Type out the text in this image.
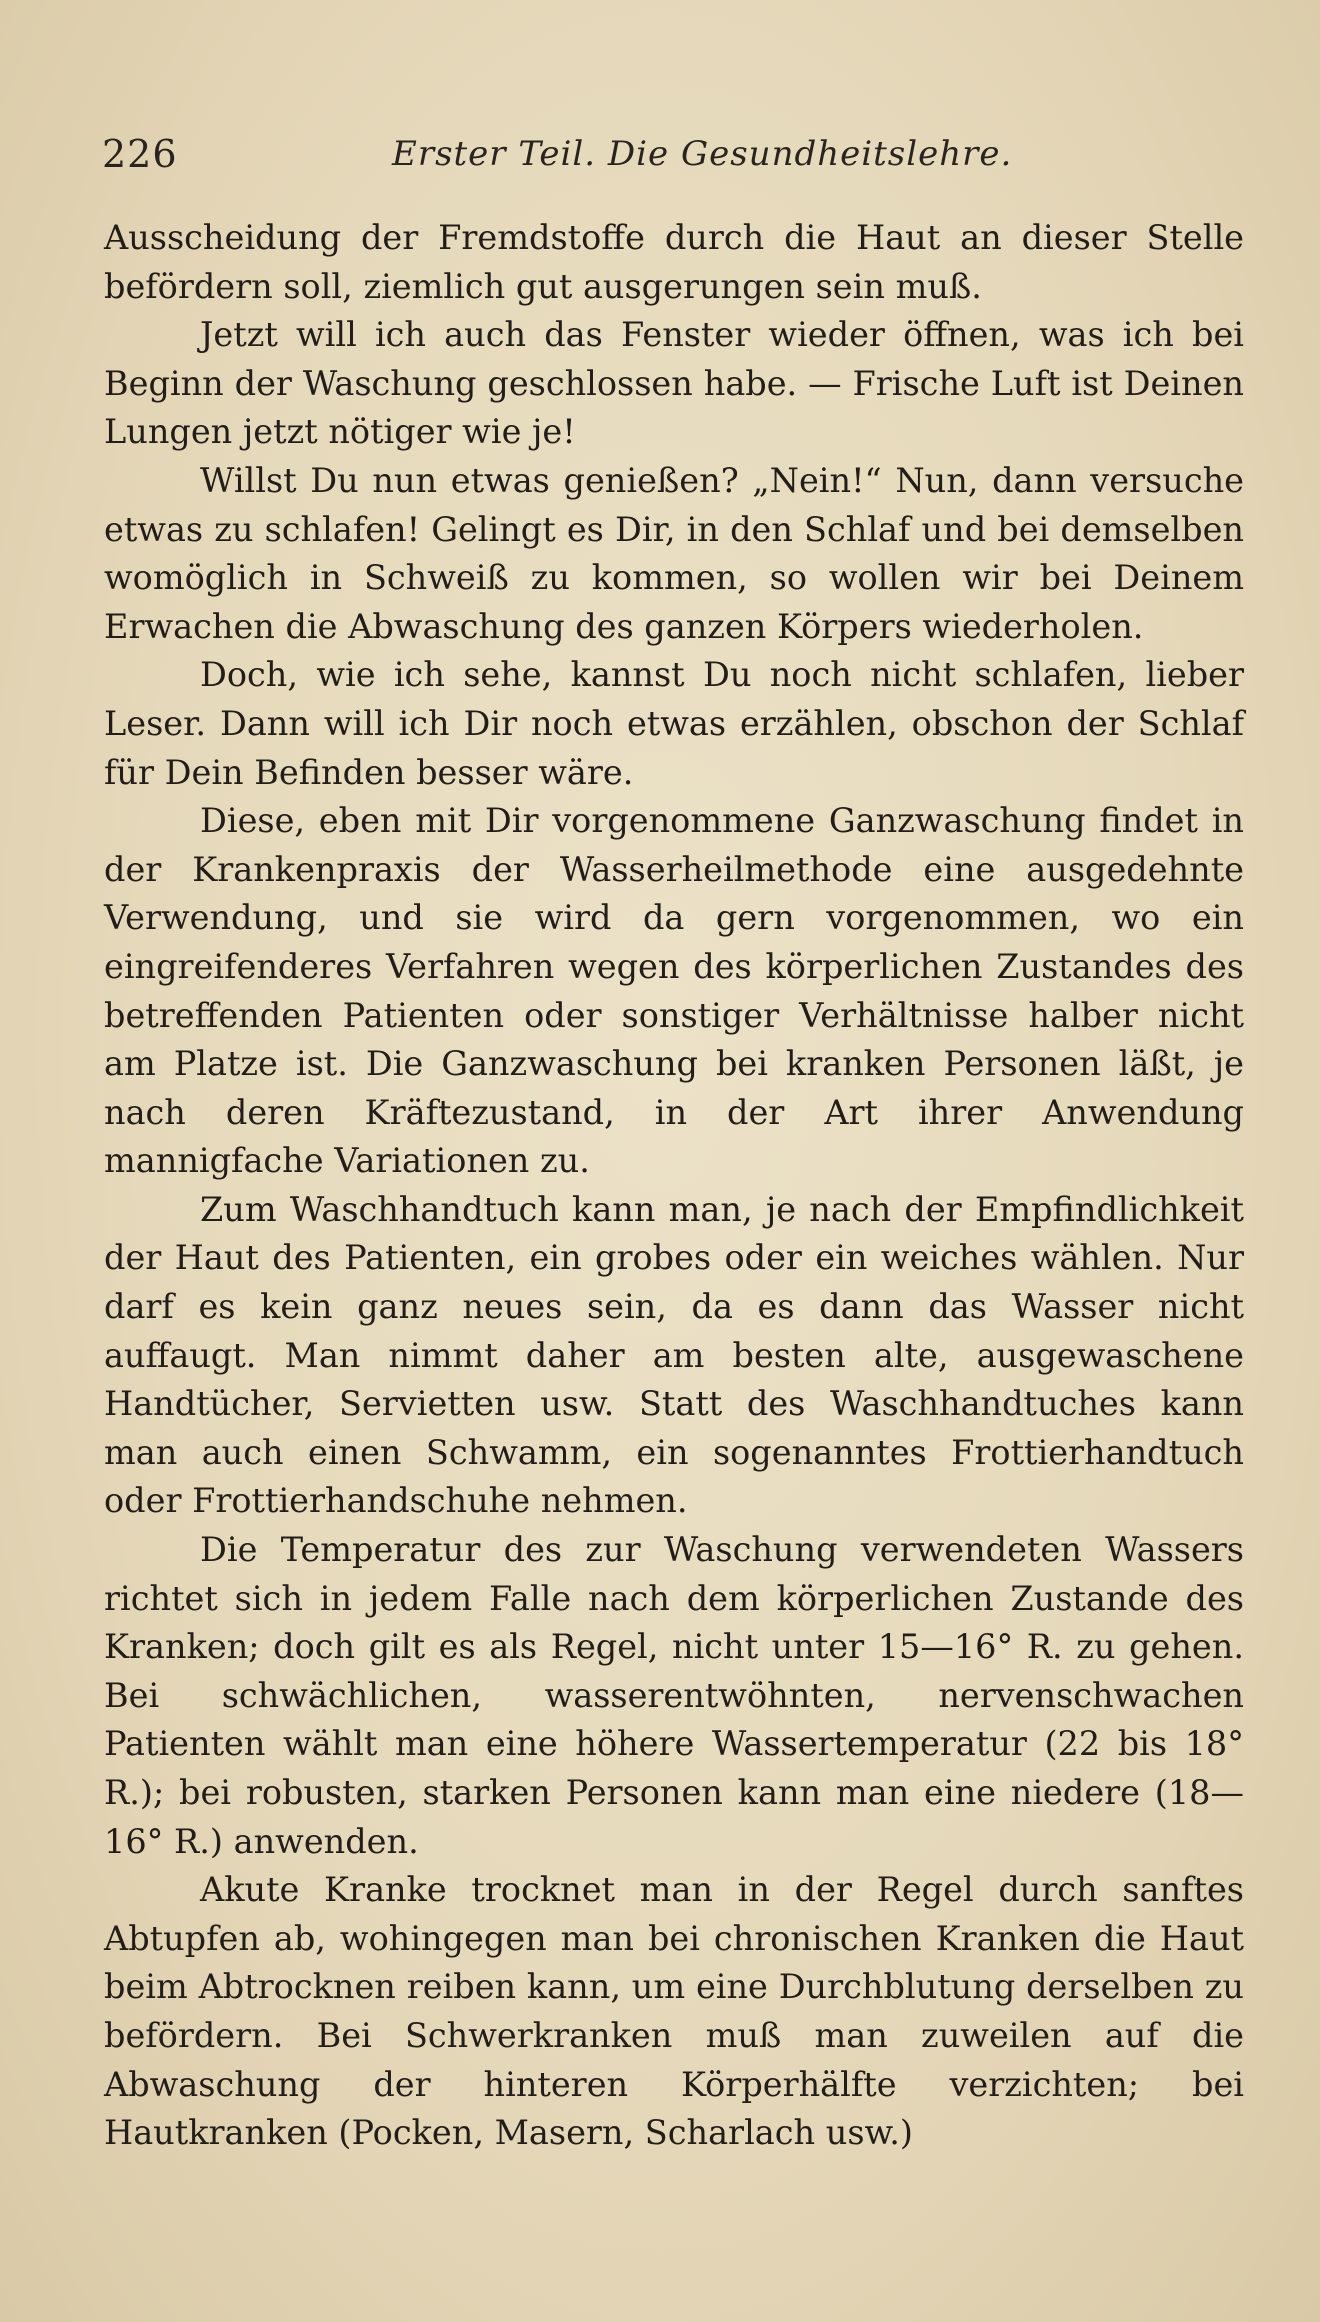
226	Erster Teil. Die Gesundheitslehre.

Ausscheidung der Fremdstoffe durch die Haut an dieser Stelle befördern soll, ziemlich gut ausgerungen sein muß.

Jetzt will ich auch das Fenster wieder öffnen, was ich bei Beginn der Waschung geschlossen habe. — Frische Luft ist Deinen Lungen jetzt nötiger wie je!

Willst Du nun etwas genießen? „Nein!“ Nun, dann versuche etwas zu schlafen! Gelingt es Dir, in den Schlaf und bei demselben womöglich in Schweiß zu kommen, so wollen wir bei Deinem Erwachen die Abwaschung des ganzen Körpers wiederholen.

Doch, wie ich sehe, kannst Du noch nicht schlafen, lieber Leser. Dann will ich Dir noch etwas erzählen, obschon der Schlaf für Dein Befinden besser wäre.

Diese, eben mit Dir vorgenommene Ganzwaschung findet in der Krankenpraxis der Wasserheilmethode eine ausgedehnte Verwendung, und sie wird da gern vorgenommen, wo ein eingreifenderes Verfahren wegen des körperlichen Zustandes des betreffenden Patienten oder sonstiger Verhältnisse halber nicht am Platze ist. Die Ganzwaschung bei kranken Personen läßt, je nach deren Kräftezustand, in der Art ihrer Anwendung mannigfache Variationen zu.

Zum Waschhandtuch kann man, je nach der Empfindlichkeit der Haut des Patienten, ein grobes oder ein weiches wählen. Nur darf es kein ganz neues sein, da es dann das Wasser nicht auffaugt. Man nimmt daher am besten alte, ausgewaschene Handtücher, Servietten usw. Statt des Waschhandtuches kann man auch einen Schwamm, ein sogenanntes Frottierhandtuch oder Frottierhandschuhe nehmen.

Die Temperatur des zur Waschung verwendeten Wassers richtet sich in jedem Falle nach dem körperlichen Zustande des Kranken; doch gilt es als Regel, nicht unter 15—16° R. zu gehen. Bei schwächlichen, wasserentwöhnten, nervenschwachen Patienten wählt man eine höhere Wassertemperatur (22 bis 18° R.); bei robusten, starken Personen kann man eine niedere (18—16° R.) anwenden.

Akute Kranke trocknet man in der Regel durch sanftes Abtupfen ab, wohingegen man bei chronischen Kranken die Haut beim Abtrocknen reiben kann, um eine Durchblutung derselben zu befördern. Bei Schwerkranken muß man zuweilen auf die Abwaschung der hinteren Körperhälfte verzichten; bei Hautkranken (Pocken, Masern, Scharlach usw.)
